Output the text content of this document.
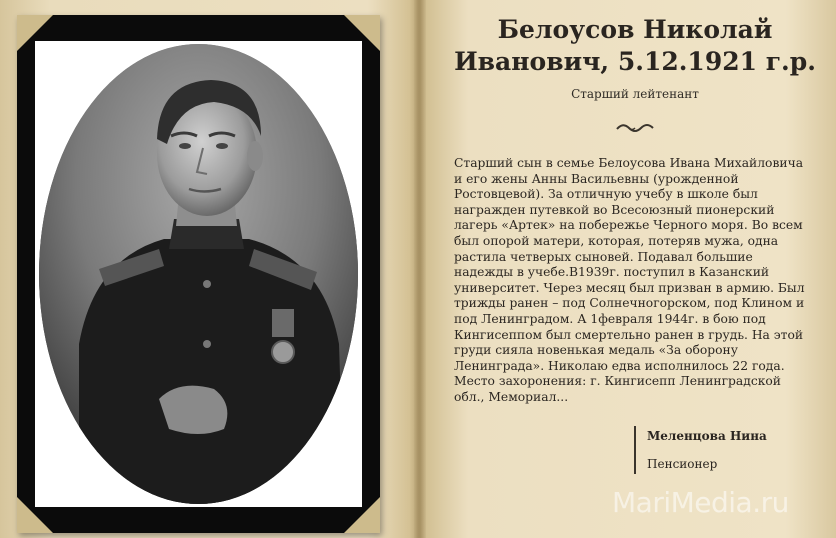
Белоусов Николай
Иванович, 5.12.1921 г.р.
Старший лейтенант

Старший сын в семье Белоусова Ивана Михайловича и его жены Анны Васильевны (урожденной Ростовцевой). За отличную учебу в школе был награжден путевкой во Всесоюзный пионерский лагерь «Артек» на побережье Черного моря. Во всем был опорой матери, которая, потеряв мужа, одна растила четверых сыновей. Подавал большие надежды в учебе.В1939г. поступил в Казанский университет. Через месяц был призван в армию. Был трижды ранен – под Солнечногорском, под Клином и под Ленинградом. А 1февраля 1944г. в бою под Кингисеппом был смертельно ранен в грудь. На этой груди сияла новенькая медаль «За оборону Ленинграда». Николаю едва исполнилось 22 года. Место захоронения: г. Кингисепп Ленинградской обл., Мемориал...

Меленцова Нина
Пенсионер
MariMedia.ru
